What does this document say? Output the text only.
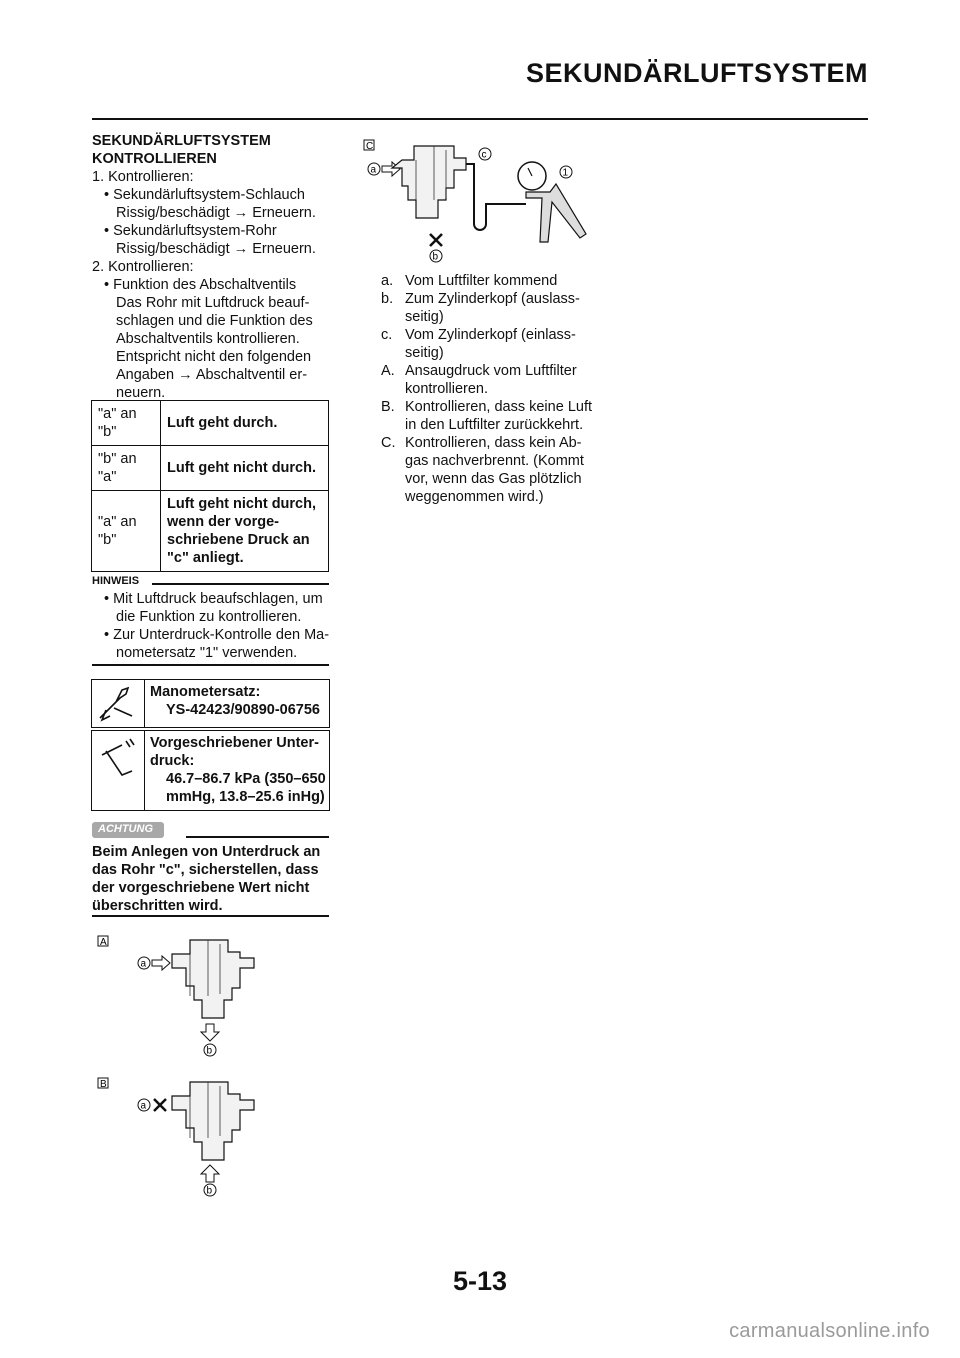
SEKUNDÄRLUFTSYSTEM
SEKUNDÄRLUFTSYSTEM
KONTROLLIEREN
1. Kontrollieren:
• Sekundärluftsystem-Schlauch
Rissig/beschädigt → Erneuern.
• Sekundärluftsystem-Rohr
Rissig/beschädigt → Erneuern.
2. Kontrollieren:
• Funktion des Abschaltventils
Das Rohr mit Luftdruck beauf-
schlagen und die Funktion des
Abschaltventils kontrollieren.
Entspricht nicht den folgenden
Angaben → Abschaltventil er-
neuern.
"a" an "b"	Luft geht durch.
"b" an "a"	Luft geht nicht durch.
"a" an "b"	Luft geht nicht durch, wenn der vorge- schriebene Druck an "c" anliegt.
HINWEIS
• Mit Luftdruck beaufschlagen, um
die Funktion zu kontrollieren.
• Zur Unterdruck-Kontrolle den Ma-
nometersatz "1" verwenden.
Manometersatz:
YS-42423/90890-06756
Vorgeschriebener Unter-
druck:
46.7–86.7 kPa (350–650
mmHg, 13.8–25.6 inHg)
ACHTUNG
Beim Anlegen von Unterdruck an
das Rohr "c", sicherstellen, dass
der vorgeschriebene Wert nicht
überschritten wird.
A
a
b
B
a
b
C
a
c
1
b
a. Vom Luftfilter kommend

b. Zum Zylinderkopf (auslass-

seitig)

c. Vom Zylinderkopf (einlass-

seitig)

A. Ansaugdruck vom Luftfilter

kontrollieren.

B. Kontrollieren, dass keine Luft

in den Luftfilter zurückkehrt.

C. Kontrollieren, dass kein Ab-

gas nachverbrennt. (Kommt

vor, wenn das Gas plötzlich

weggenommen wird.)

5-13
carmanualsonline.info
